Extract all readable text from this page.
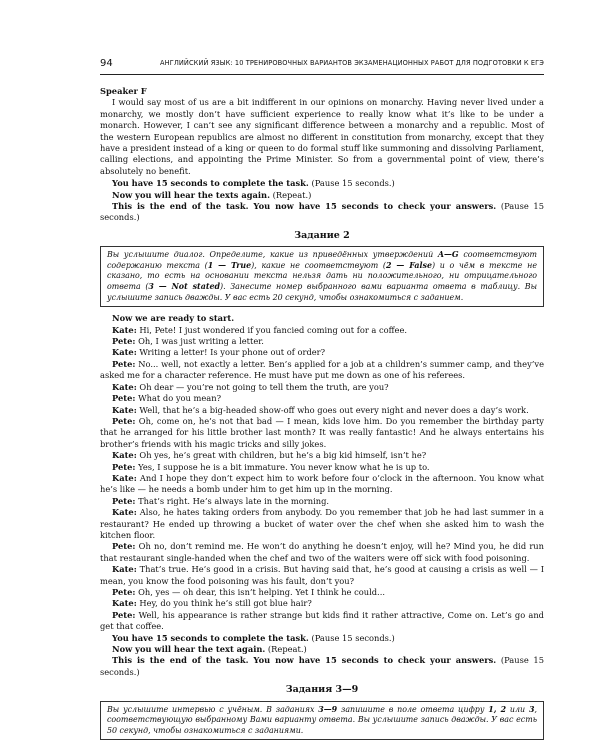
94	АНГЛИЙСКИЙ ЯЗЫК: 10 ТРЕНИРОВОЧНЫХ ВАРИАНТОВ ЭКЗАМЕНАЦИОННЫХ РАБОТ ДЛЯ ПОДГОТОВКИ К ЕГЭ

Speaker F

I would say most of us are a bit indifferent in our opinions on monarchy. Having never lived under a monarchy, we mostly don’t have sufficient experience to really know what it’s like to be under a monarch. However, I can’t see any significant difference between a monarchy and a republic. Most of the western European republics are almost no different in constitution from monarchy, except that they have a president instead of a king or queen to do formal stuff like summoning and dissolving Parliament, calling elections, and appointing the Prime Minister. So from a governmental point of view, there’s absolutely no benefit.

You have 15 seconds to complete the task. (Pause 15 seconds.)

Now you will hear the texts again. (Repeat.)

This is the end of the task. You now have 15 seconds to check your answers. (Pause 15 seconds.)

Задание 2

Вы услышите диалог. Определите, какие из приведённых утверждений A—G соответствуют содержанию текста (1 — True), какие не соответствуют (2 — False) и о чём в тексте не сказано, то есть на основании текста нельзя дать ни положительного, ни отрицательного ответа (3 — Not stated). Занесите номер выбранного вами варианта ответа в таблицу. Вы услышите запись дважды. У вас есть 20 секунд, чтобы ознакомиться с заданием.

Now we are ready to start.

Kate: Hi, Pete! I just wondered if you fancied coming out for a coffee.

Pete: Oh, I was just writing a letter.

Kate: Writing a letter! Is your phone out of order?

Pete: No... well, not exactly a letter. Ben’s applied for a job at a children’s summer camp, and they’ve asked me for a character reference. He must have put me down as one of his referees.

Kate: Oh dear — you’re not going to tell them the truth, are you?

Pete: What do you mean?

Kate: Well, that he’s a big-headed show-off who goes out every night and never does a day’s work.

Pete: Oh, come on, he’s not that bad — I mean, kids love him. Do you remember the birthday party that he arranged for his little brother last month? It was really fantastic! And he always entertains his brother’s friends with his magic tricks and silly jokes.

Kate: Oh yes, he’s great with children, but he’s a big kid himself, isn’t he?

Pete: Yes, I suppose he is a bit immature. You never know what he is up to.

Kate: And I hope they don’t expect him to work before four o’clock in the afternoon. You know what he’s like — he needs a bomb under him to get him up in the morning.

Pete: That’s right. He’s always late in the morning.

Kate: Also, he hates taking orders from anybody. Do you remember that job he had last summer in a restaurant? He ended up throwing a bucket of water over the chef when she asked him to wash the kitchen floor.

Pete: Oh no, don’t remind me. He won’t do anything he doesn’t enjoy, will he? Mind you, he did run that restaurant single-handed when the chef and two of the waiters were off sick with food poisoning.

Kate: That’s true. He’s good in a crisis. But having said that, he’s good at causing a crisis as well — I mean, you know the food poisoning was his fault, don’t you?

Pete: Oh, yes — oh dear, this isn’t helping. Yet I think he could...

Kate: Hey, do you think he’s still got blue hair?

Pete: Well, his appearance is rather strange but kids find it rather attractive, Come on. Let’s go and get that coffee.

You have 15 seconds to complete the task. (Pause 15 seconds.)

Now you will hear the text again. (Repeat.)

This is the end of the task. You now have 15 seconds to check your answers. (Pause 15 seconds.)

Задания 3—9

Вы услышите интервью с учёным. В заданиях 3—9 запишите в поле ответа цифру 1, 2 или 3, соответствующую выбранному Вами варианту ответа. Вы услышите запись дважды. У вас есть 50 секунд, чтобы ознакомиться с заданиями.
